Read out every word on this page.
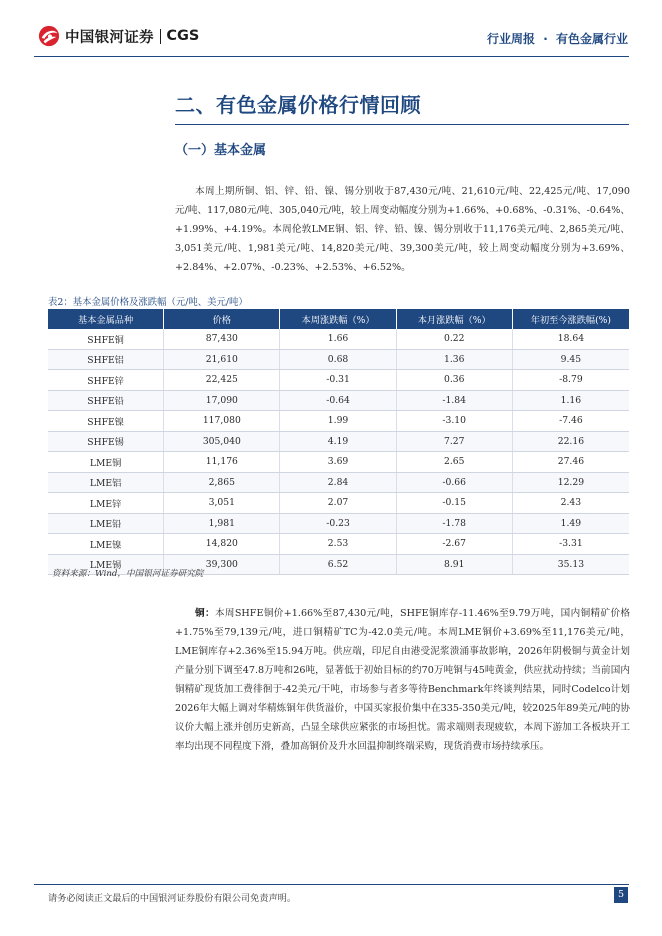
中国银河证券 CGS	行业周报 · 有色金属行业
二、有色金属价格行情回顾
（一）基本金属

本周上期所铜、铝、锌、铅、镍、锡分别收于87,430元/吨、21,610元/吨、22,425元/吨、17,090元/吨、117,080元/吨、305,040元/吨，较上周变动幅度分别为+1.66%、+0.68%、-0.31%、-0.64%、+1.99%、+4.19%。本周伦敦LME铜、铝、锌、铅、镍、锡分别收于11,176美元/吨、2,865美元/吨、3,051美元/吨、1,981美元/吨、14,820美元/吨、39,300美元/吨，较上周变动幅度分别为+3.69%、+2.84%、+2.07%、-0.23%、+2.53%、+6.52%。

表2：基本金属价格及涨跌幅（元/吨、美元/吨）
基本金属品种	价格	本周涨跌幅（%）	本月涨跌幅（%）	年初至今涨跌幅(%)
SHFE铜	87,430	1.66	0.22	18.64
SHFE铝	21,610	0.68	1.36	9.45
SHFE锌	22,425	-0.31	0.36	-8.79
SHFE铅	17,090	-0.64	-1.84	1.16
SHFE镍	117,080	1.99	-3.10	-7.46
SHFE锡	305,040	4.19	7.27	22.16
LME铜	11,176	3.69	2.65	27.46
LME铝	2,865	2.84	-0.66	12.29
LME锌	3,051	2.07	-0.15	2.43
LME铅	1,981	-0.23	-1.78	1.49
LME镍	14,820	2.53	-2.67	-3.31
LME锡	39,300	6.52	8.91	35.13
资料来源：Wind，中国银河证券研究院

铜：本周SHFE铜价+1.66%至87,430元/吨，SHFE铜库存-11.46%至9.79万吨，国内铜精矿价格+1.75%至79,139元/吨，进口铜精矿TC为-42.0美元/吨。本周LME铜价+3.69%至11,176美元/吨，LME铜库存+2.36%至15.94万吨。供应端，印尼自由港受泥浆溃涌事故影响，2026年阴极铜与黄金计划产量分别下调至47.8万吨和26吨，显著低于初始目标的约70万吨铜与45吨黄金，供应扰动持续；当前国内铜精矿现货加工费徘徊于-42美元/干吨，市场参与者多等待Benchmark年终谈判结果，同时Codelco计划2026年大幅上调对华精炼铜年供货溢价，中国买家报价集中在335-350美元/吨，较2025年89美元/吨的协议价大幅上涨并创历史新高，凸显全球供应紧张的市场担忧。需求端则表现疲软，本周下游加工各板块开工率均出现不同程度下滑，叠加高铜价及升水回温抑制终端采购，现货消费市场持续承压。

请务必阅读正文最后的中国银河证券股份有限公司免责声明。	5
